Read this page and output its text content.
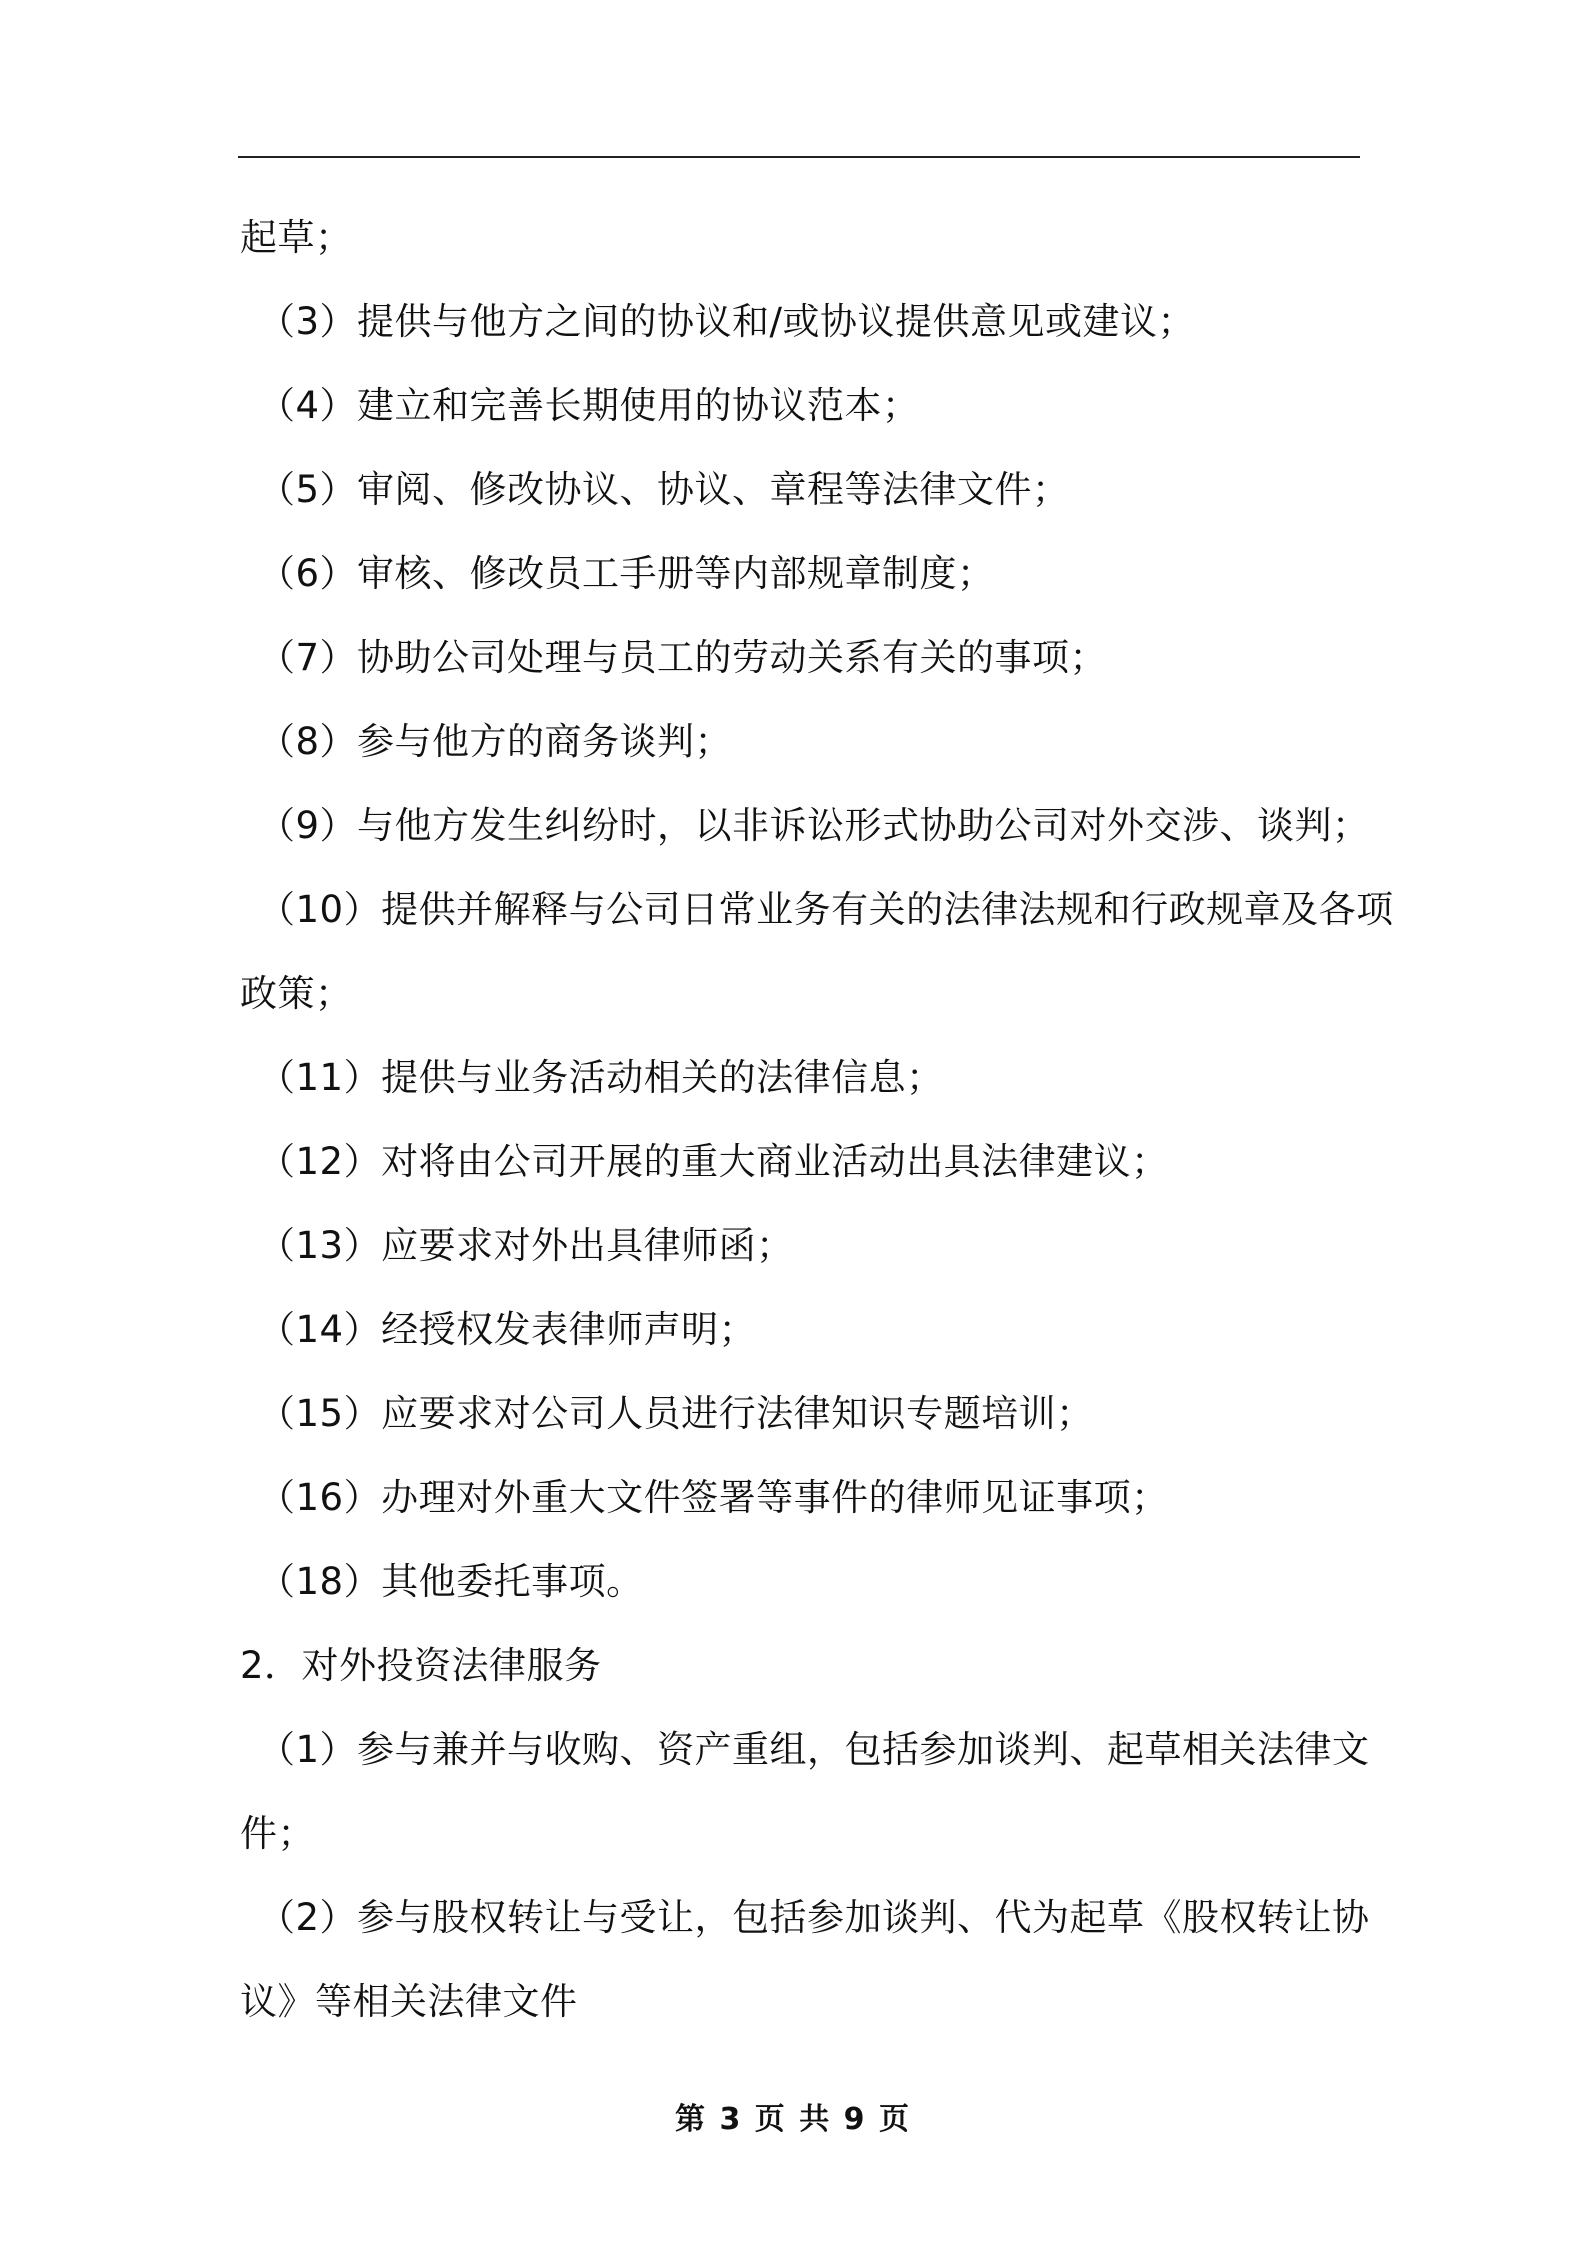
起草；
（3）提供与他方之间的协议和/或协议提供意见或建议；
（4）建立和完善长期使用的协议范本；
（5）审阅、修改协议、协议、章程等法律文件；
（6）审核、修改员工手册等内部规章制度；
（7）协助公司处理与员工的劳动关系有关的事项；
（8）参与他方的商务谈判；
（9）与他方发生纠纷时，以非诉讼形式协助公司对外交涉、谈判；
（10）提供并解释与公司日常业务有关的法律法规和行政规章及各项
政策；
（11）提供与业务活动相关的法律信息；
（12）对将由公司开展的重大商业活动出具法律建议；
（13）应要求对外出具律师函；
（14）经授权发表律师声明；
（15）应要求对公司人员进行法律知识专题培训；
（16）办理对外重大文件签署等事件的律师见证事项；
（18）其他委托事项。
2．对外投资法律服务
（1）参与兼并与收购、资产重组，包括参加谈判、起草相关法律文
件；
（2）参与股权转让与受让，包括参加谈判、代为起草《股权转让协
议》等相关法律文件
第 3 页 共 9 页
